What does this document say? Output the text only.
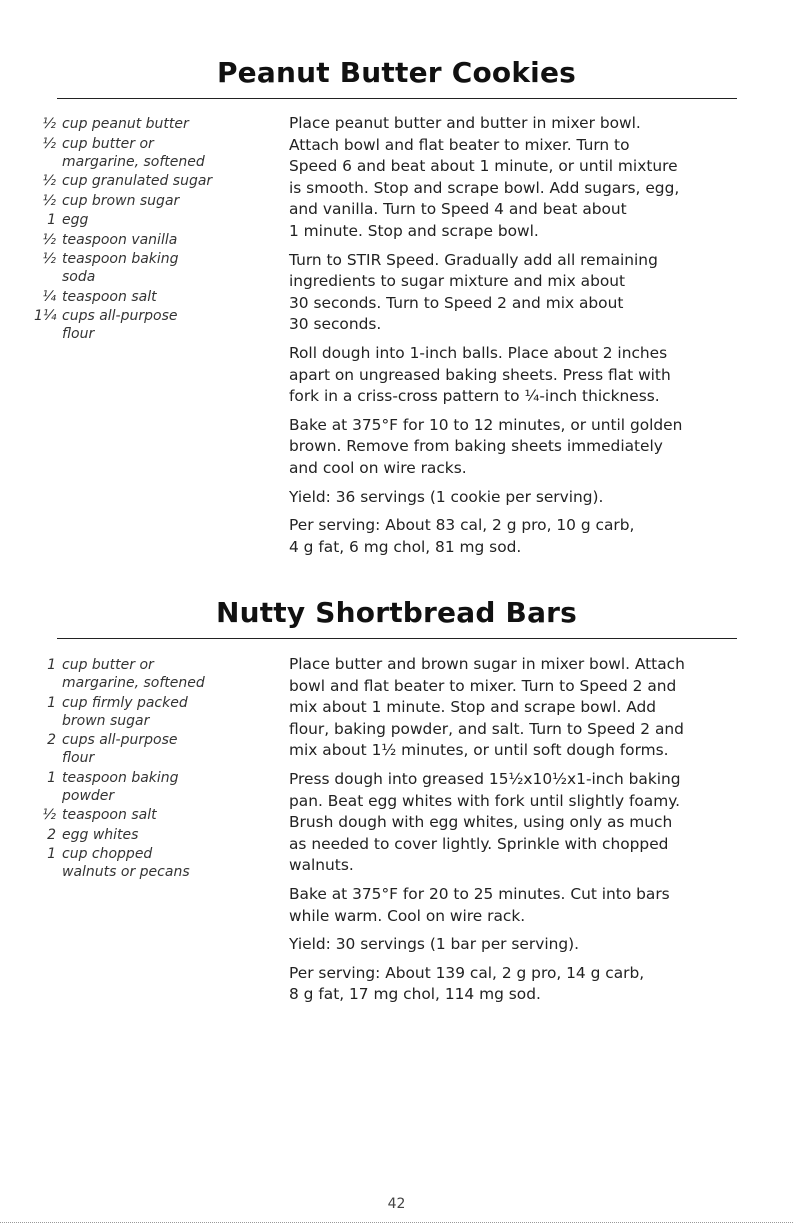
Peanut Butter Cookies
½ cup peanut butter
½ cup butter or
margarine, softened
½ cup granulated sugar
½ cup brown sugar
1 egg
½ teaspoon vanilla
½ teaspoon baking
soda
¼ teaspoon salt
1¼ cups all-purpose
flour

Place peanut butter and butter in mixer bowl.
Attach bowl and flat beater to mixer. Turn to
Speed 6 and beat about 1 minute, or until mixture
is smooth. Stop and scrape bowl. Add sugars, egg,
and vanilla. Turn to Speed 4 and beat about
1 minute. Stop and scrape bowl.

Turn to STIR Speed. Gradually add all remaining
ingredients to sugar mixture and mix about
30 seconds. Turn to Speed 2 and mix about
30 seconds.

Roll dough into 1-inch balls. Place about 2 inches
apart on ungreased baking sheets. Press flat with
fork in a criss-cross pattern to ¼-inch thickness.

Bake at 375°F for 10 to 12 minutes, or until golden
brown. Remove from baking sheets immediately
and cool on wire racks.

Yield: 36 servings (1 cookie per serving).

Per serving: About 83 cal, 2 g pro, 10 g carb,
4 g fat, 6 mg chol, 81 mg sod.

Nutty Shortbread Bars
1 cup butter or
margarine, softened
1 cup firmly packed
brown sugar
2 cups all-purpose
flour
1 teaspoon baking
powder
½ teaspoon salt
2 egg whites
1 cup chopped
walnuts or pecans

Place butter and brown sugar in mixer bowl. Attach
bowl and flat beater to mixer. Turn to Speed 2 and
mix about 1 minute. Stop and scrape bowl. Add
flour, baking powder, and salt. Turn to Speed 2 and
mix about 1½ minutes, or until soft dough forms.

Press dough into greased 15½x10½x1-inch baking
pan. Beat egg whites with fork until slightly foamy.
Brush dough with egg whites, using only as much
as needed to cover lightly. Sprinkle with chopped
walnuts.

Bake at 375°F for 20 to 25 minutes. Cut into bars
while warm. Cool on wire rack.

Yield: 30 servings (1 bar per serving).

Per serving: About 139 cal, 2 g pro, 14 g carb,
8 g fat, 17 mg chol, 114 mg sod.

42
